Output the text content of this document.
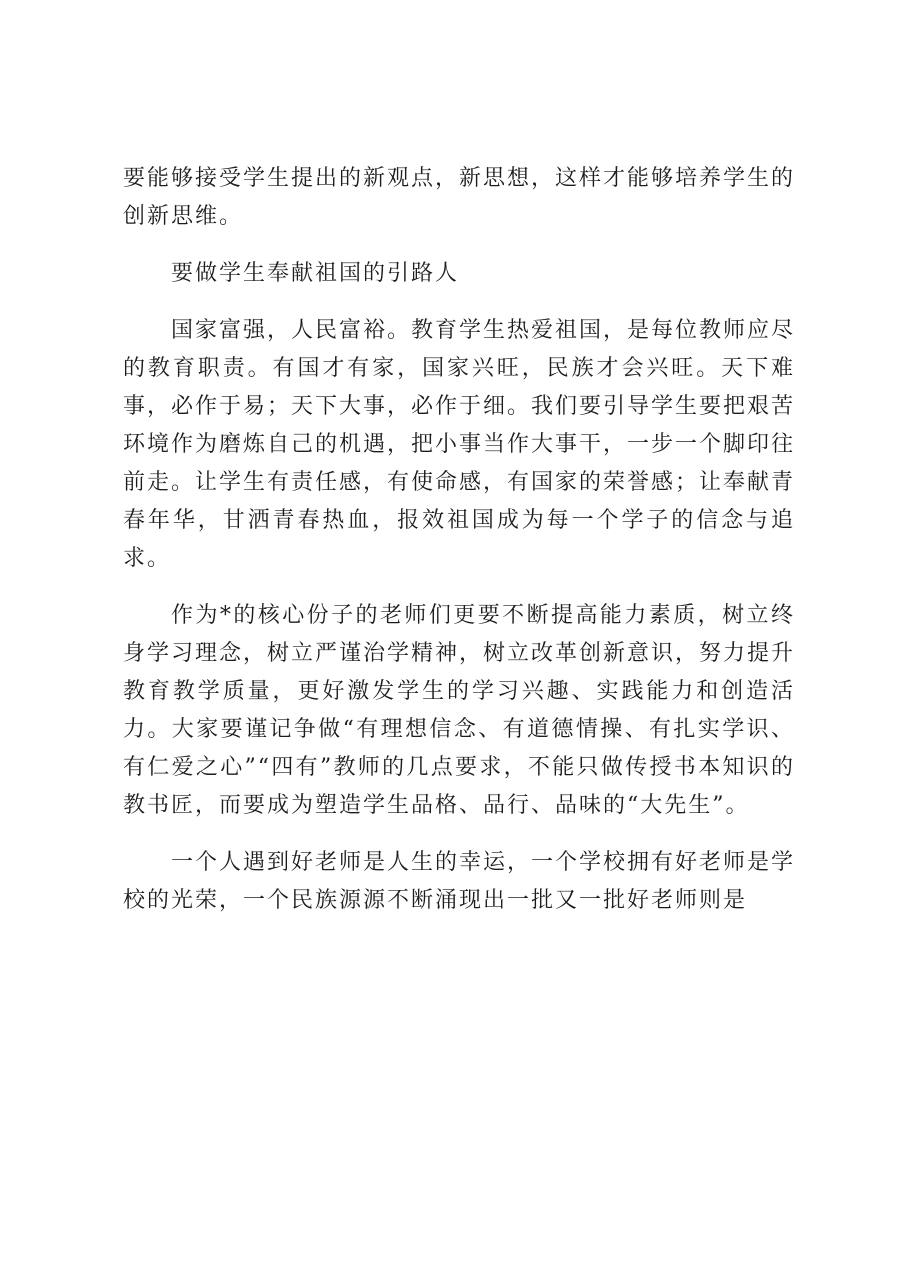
要能够接受学生提出的新观点，新思想，这样才能够培养学生的创新思维。

要做学生奉献祖国的引路人

国家富强，人民富裕。教育学生热爱祖国，是每位教师应尽的教育职责。有国才有家，国家兴旺，民族才会兴旺。天下难事，必作于易；天下大事，必作于细。我们要引导学生要把艰苦环境作为磨炼自己的机遇，把小事当作大事干，一步一个脚印往前走。让学生有责任感，有使命感，有国家的荣誉感；让奉献青春年华，甘洒青春热血，报效祖国成为每一个学子的信念与追求。

作为*的核心份子的老师们更要不断提高能力素质，树立终身学习理念，树立严谨治学精神，树立改革创新意识，努力提升教育教学质量，更好激发学生的学习兴趣、实践能力和创造活力。大家要谨记争做“有理想信念、有道德情操、有扎实学识、有仁爱之心”“四有”教师的几点要求，不能只做传授书本知识的教书匠，而要成为塑造学生品格、品行、品味的“大先生”。

一个人遇到好老师是人生的幸运，一个学校拥有好老师是学校的光荣，一个民族源源不断涌现出一批又一批好老师则是
